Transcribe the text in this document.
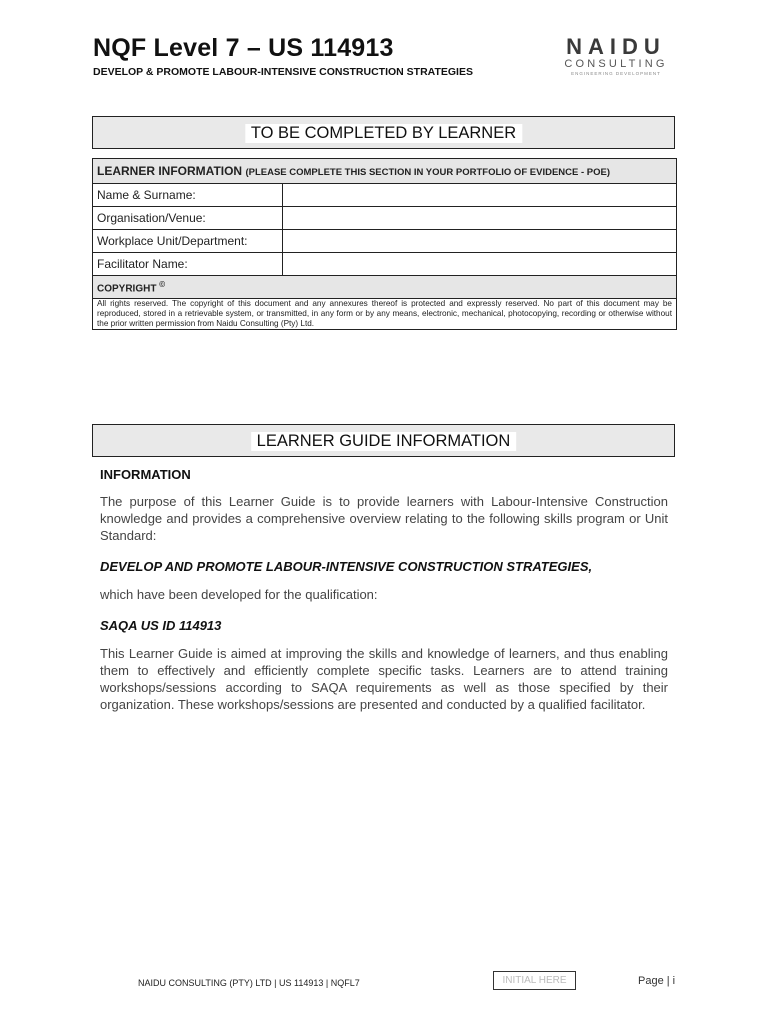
NQF Level 7 – US 114913
DEVELOP & PROMOTE LABOUR-INTENSIVE CONSTRUCTION STRATEGIES
NAIDU
CONSULTING
ENGINEERING DEVELOPMENT
TO BE COMPLETED BY LEARNER
LEARNER INFORMATION (PLEASE COMPLETE THIS SECTION IN YOUR PORTFOLIO OF EVIDENCE - POE)	
Name & Surname:	
Organisation/Venue:	
Workplace Unit/Department:	
Facilitator Name:	
COPYRIGHT ©
All rights reserved. The copyright of this document and any annexures thereof is protected and expressly reserved. No part of this document may be reproduced, stored in a retrievable system, or transmitted, in any form or by any means, electronic, mechanical, photocopying, recording or otherwise without the prior written permission from Naidu Consulting (Pty) Ltd.	
LEARNER GUIDE INFORMATION
INFORMATION
The purpose of this Learner Guide is to provide learners with Labour-Intensive Construction knowledge and provides a comprehensive overview relating to the following skills program or Unit Standard:
DEVELOP AND PROMOTE LABOUR-INTENSIVE CONSTRUCTION STRATEGIES,
which have been developed for the qualification:
SAQA US ID 114913
This Learner Guide is aimed at improving the skills and knowledge of learners, and thus enabling them to effectively and efficiently complete specific tasks. Learners are to attend training workshops/sessions according to SAQA requirements as well as those specified by their organization. These workshops/sessions are presented and conducted by a qualified facilitator.
NAIDU CONSULTING (PTY) LTD | US 114913 | NQFL7	INITIAL HERE	Page | i
